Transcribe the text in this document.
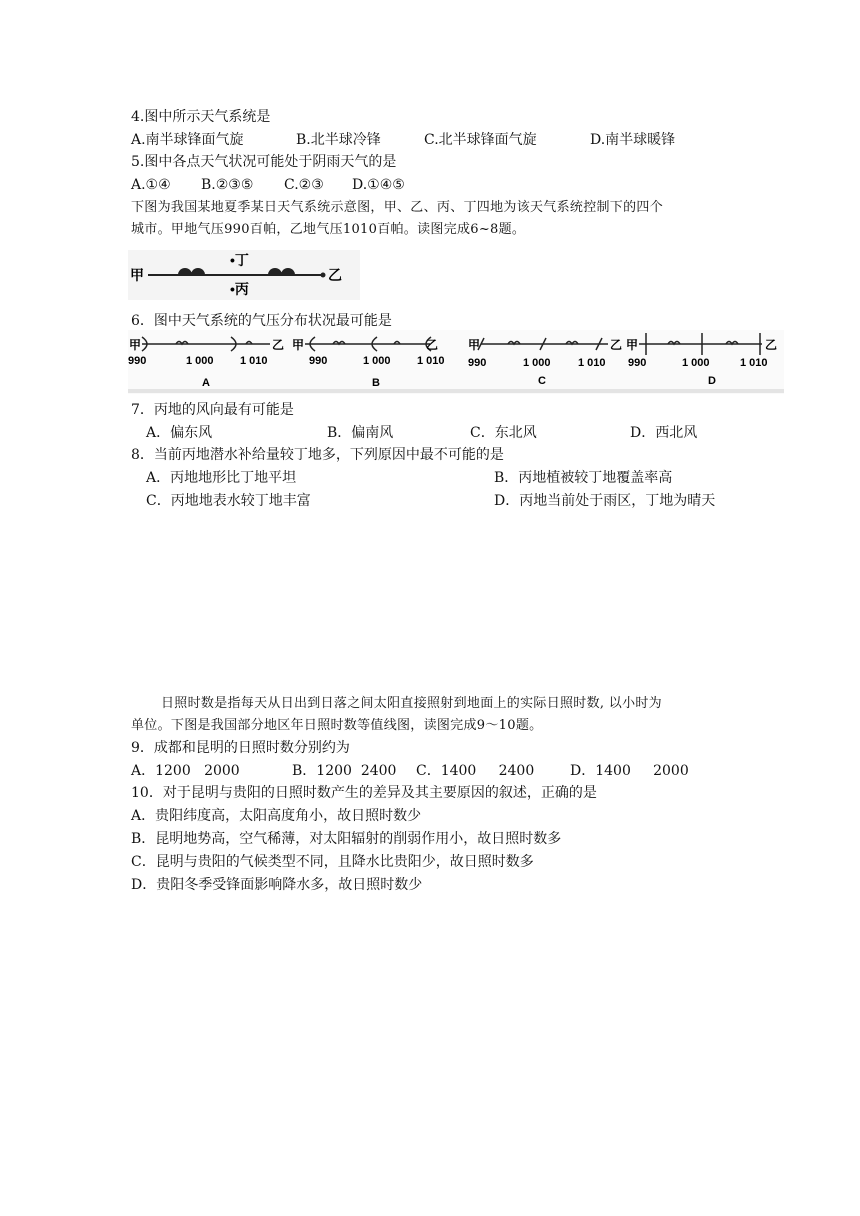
4.图中所示天气系统是
A.南半球锋面气旋	B.北半球冷锋	C.北半球锋面气旋	D.南半球暖锋
5.图中各点天气状况可能处于阴雨天气的是
A.①④ B.②③⑤ C.②③ D.①④⑤
下图为我国某地夏季某日天气系统示意图，甲、乙、丙、丁四地为该天气系统控制下的四个
城市。甲地气压990百帕，乙地气压1010百帕。读图完成6~8题。
甲	乙
•丁
•丙
6．图中天气系统的气压分布状况最可能是
甲	乙
990	1 000 1 010
A
甲	乙
990	1 000 1 010
B
甲	乙
990	1 000 1 010
C
甲	乙
990	1 000	1 010
D
7．丙地的风向最有可能是
A．偏东风	B．偏南风	C．东北风	D．西北风
8．当前丙地潜水补给量较丁地多，下列原因中最不可能的是
A．丙地地形比丁地平坦	B．丙地植被较丁地覆盖率高
C．丙地地表水较丁地丰富	D．丙地当前处于雨区，丁地为晴天
日照时数是指每天从日出到日落之间太阳直接照射到地面上的实际日照时数, 以小时为
单位。下图是我国部分地区年日照时数等值线图，读图完成9～10题。
9．成都和昆明的日照时数分别约为
A．1200   2000	B．1200  2400 C．1400     2400	D．1400     2000
10．对于昆明与贵阳的日照时数产生的差异及其主要原因的叙述，正确的是
A．贵阳纬度高，太阳高度角小，故日照时数少
B．昆明地势高，空气稀薄，对太阳辐射的削弱作用小，故日照时数多
C．昆明与贵阳的气候类型不同，且降水比贵阳少，故日照时数多
D．贵阳冬季受锋面影响降水多，故日照时数少
